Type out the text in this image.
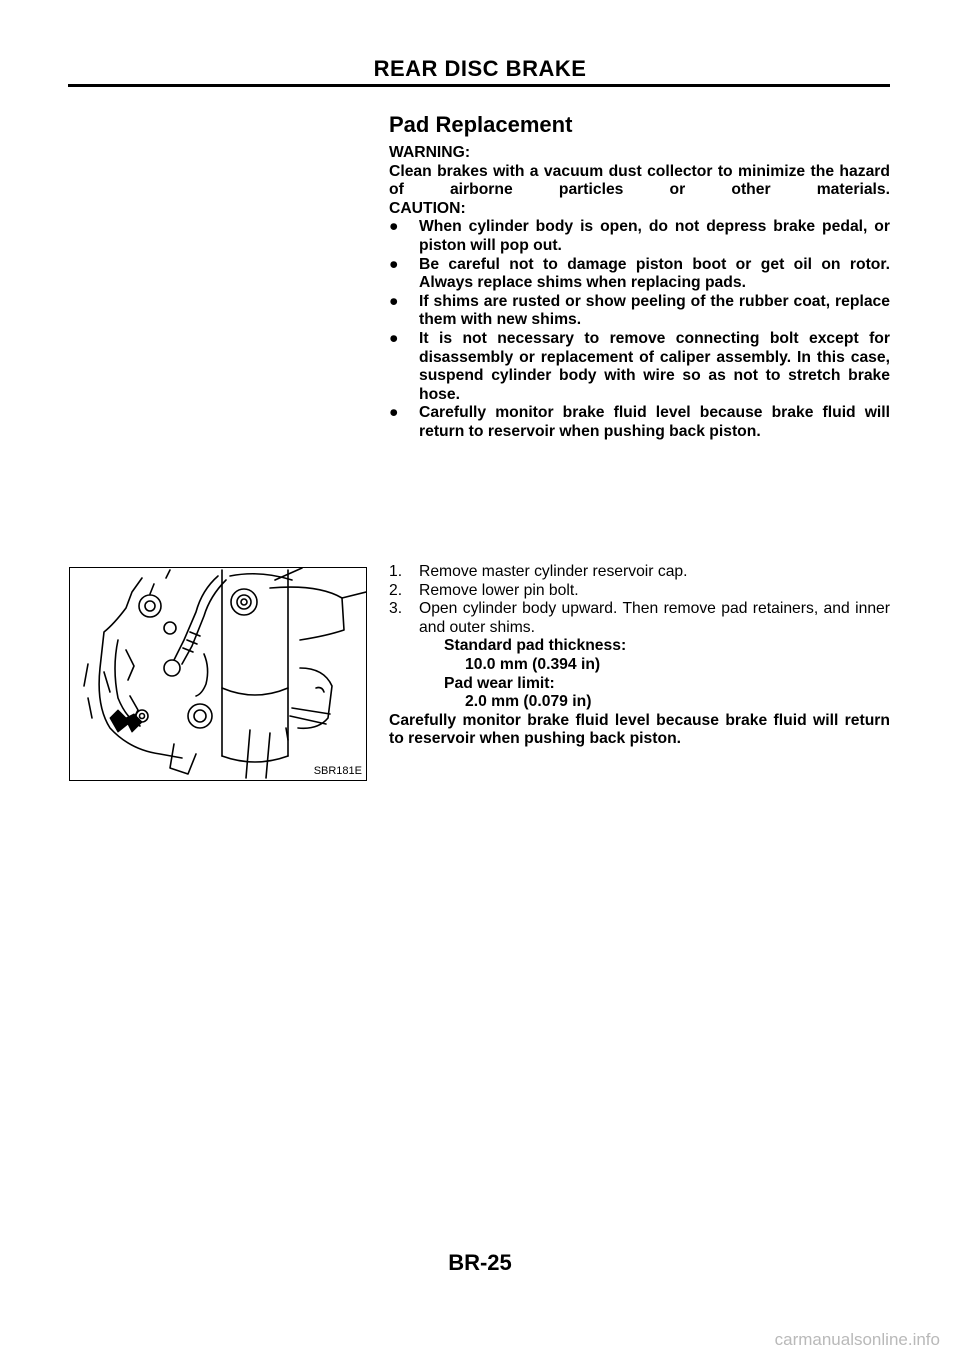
REAR DISC BRAKE
Pad Replacement

WARNING:

Clean brakes with a vacuum dust collector to minimize the hazard of airborne particles or other materials.

CAUTION:

● When cylinder body is open, do not depress brake pedal, or piston will pop out.
● Be careful not to damage piston boot or get oil on rotor. Always replace shims when replacing pads.
● If shims are rusted or show peeling of the rubber coat, replace them with new shims.
● It is not necessary to remove connecting bolt except for disassembly or replacement of caliper assembly. In this case, suspend cylinder body with wire so as not to stretch brake hose.
● Carefully monitor brake fluid level because brake fluid will return to reservoir when pushing back piston.
SBR181E
1. Remove master cylinder reservoir cap.
2. Remove lower pin bolt.
3. Open cylinder body upward. Then remove pad retainers, and inner and outer shims.
Standard pad thickness:
10.0 mm (0.394 in)
Pad wear limit:
2.0 mm (0.079 in)

Carefully monitor brake fluid level because brake fluid will return to reservoir when pushing back piston.

BR-25

carmanualsonline.info
